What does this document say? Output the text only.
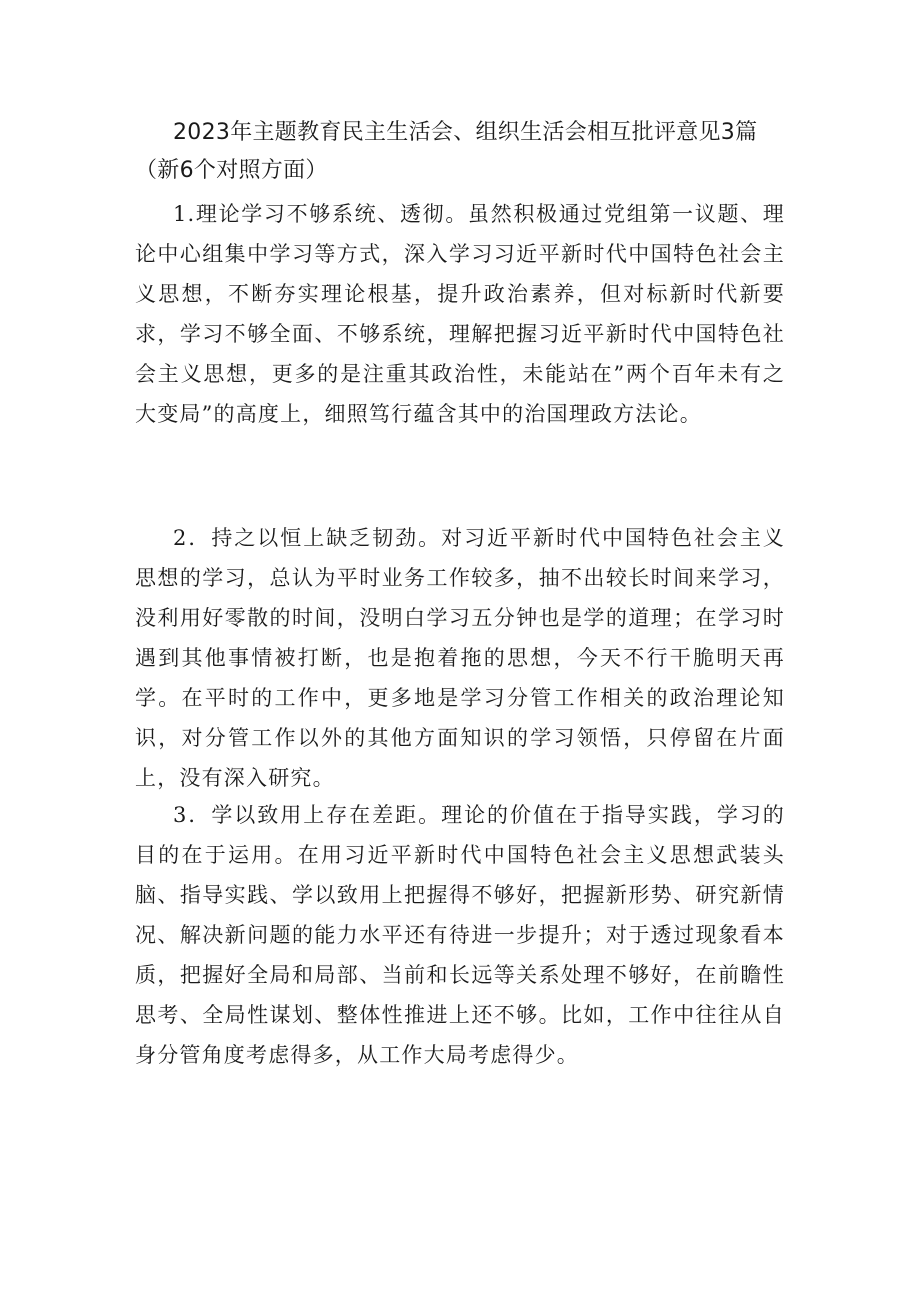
2023年主题教育民主生活会、组织生活会相互批评意见3篇（新6个对照方面）

1.理论学习不够系统、透彻。虽然积极通过党组第一议题、理论中心组集中学习等方式，深入学习习近平新时代中国特色社会主义思想，不断夯实理论根基，提升政治素养，但对标新时代新要求，学习不够全面、不够系统，理解把握习近平新时代中国特色社会主义思想，更多的是注重其政治性，未能站在”两个百年未有之大变局”的高度上，细照笃行蕴含其中的治国理政方法论。

2．持之以恒上缺乏韧劲。对习近平新时代中国特色社会主义思想的学习，总认为平时业务工作较多，抽不出较长时间来学习，没利用好零散的时间，没明白学习五分钟也是学的道理；在学习时遇到其他事情被打断，也是抱着拖的思想，今天不行干脆明天再学。在平时的工作中，更多地是学习分管工作相关的政治理论知识，对分管工作以外的其他方面知识的学习领悟，只停留在片面上，没有深入研究。

3．学以致用上存在差距。理论的价值在于指导实践，学习的目的在于运用。在用习近平新时代中国特色社会主义思想武装头脑、指导实践、学以致用上把握得不够好，把握新形势、研究新情况、解决新问题的能力水平还有待进一步提升；对于透过现象看本质，把握好全局和局部、当前和长远等关系处理不够好，在前瞻性思考、全局性谋划、整体性推进上还不够。比如，工作中往往从自身分管角度考虑得多，从工作大局考虑得少。
